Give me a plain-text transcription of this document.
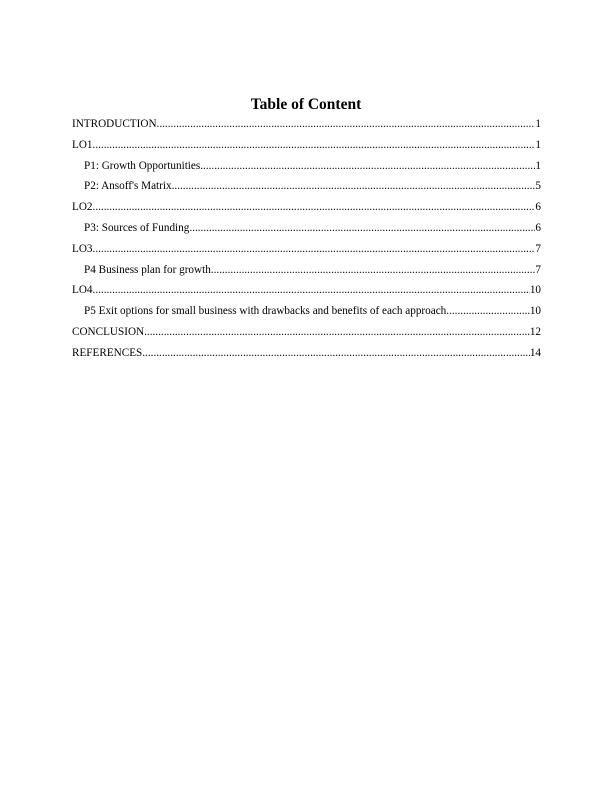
Table of Content
INTRODUCTION .....	1
LO1 .....	1
P1: Growth Opportunities .....	1
P2: Ansoff's Matrix .....	5
LO2 .....	6
P3: Sources of Funding .....	6
LO3 .....	7
P4 Business plan for growth .....	7
LO4 .....	10
P5 Exit options for small business with drawbacks and benefits of each approach .....	10
CONCLUSION .....	12
REFERENCES .....	14
